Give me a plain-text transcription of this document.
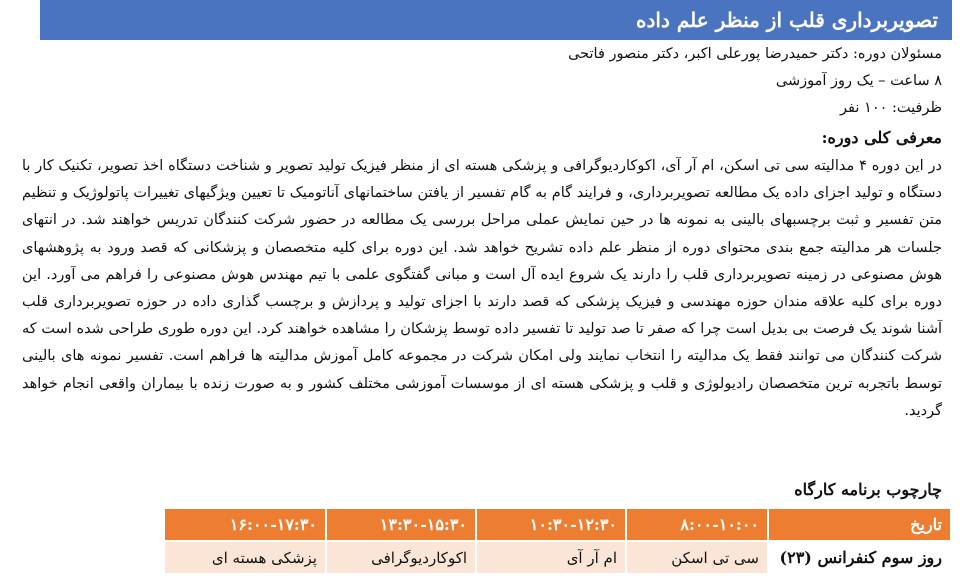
تصویربرداری قلب از منظر علم داده
مسئولان دوره: دکتر حمیدرضا پورعلی اکبر، دکتر منصور فاتحی
۸ ساعت – یک روز آموزشی
ظرفیت: ۱۰۰ نفر
معرفی کلی دوره:
در این دوره ۴ مدالیته سی تی اسکن، ام آر آی، اکوکاردیوگرافی و پزشکی هسته ای از منظر فیزیک تولید تصویر و شناخت دستگاه اخذ تصویر، تکنیک کار با دستگاه و تولید اجزای داده یک مطالعه تصویربرداری، و فرایند گام به گام تفسیر از یافتن ساختمانهای آناتومیک تا تعیین ویژگیهای تغییرات پاتولوژیک و تنظیم متن تفسیر و ثبت برچسبهای بالینی به نمونه ها در حین نمایش عملی مراحل بررسی یک مطالعه در حضور شرکت کنندگان تدریس خواهند شد. در انتهای جلسات هر مدالیته جمع بندی محتوای دوره از منظر علم داده تشریح خواهد شد. این دوره برای کلیه متخصصان و پزشکانی که قصد ورود به پژوهشهای هوش مصنوعی در زمینه تصویربرداری قلب را دارند یک شروع ایده آل است و مبانی گفتگوی علمی با تیم مهندس هوش مصنوعی را فراهم می آورد. این دوره برای کلیه علاقه مندان حوزه مهندسی و فیزیک پزشکی که قصد دارند با اجزای تولید و پردازش و برچسب گذاری داده در حوزه تصویربرداری قلب آشنا شوند یک فرصت بی بدیل است چرا که صفر تا صد تولید تا تفسیر داده توسط پزشکان را مشاهده خواهند کرد. این دوره طوری طراحی شده است که شرکت کنندگان می توانند فقط یک مدالیته را انتخاب نمایند ولی امکان شرکت در مجموعه کامل آموزش مدالیته ها فراهم است. تفسیر نمونه های بالینی توسط باتجربه ترین متخصصان رادیولوژی و قلب و پزشکی هسته ای از موسسات آموزشی مختلف کشور و به صورت زنده با بیماران واقعی انجام خواهد گردید.
چارچوب برنامه کارگاه
تاریخ	۸:۰۰-۱۰:۰۰	۱۰:۳۰-۱۲:۳۰	۱۳:۳۰-۱۵:۳۰	۱۶:۰۰-۱۷:۳۰
روز سوم کنفرانس (۲۳)	سی تی اسکن	ام آر آی	اکوکاردیوگرافی	پزشکی هسته ای
